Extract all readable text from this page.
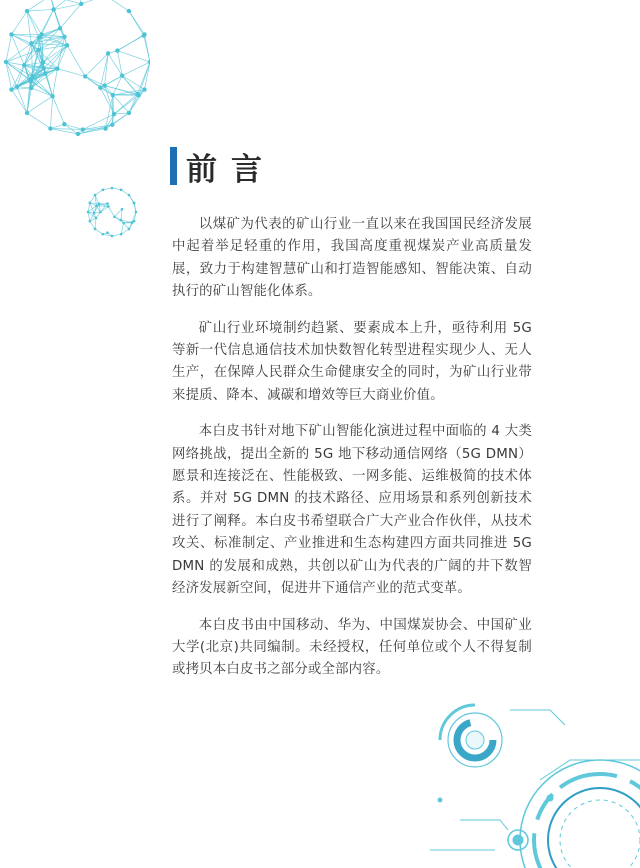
前言

以煤矿为代表的矿山行业一直以来在我国国民经济发展中起着举足轻重的作用，我国高度重视煤炭产业高质量发展，致力于构建智慧矿山和打造智能感知、智能决策、自动执行的矿山智能化体系。

矿山行业环境制约趋紧、要素成本上升，亟待利用 5G 等新一代信息通信技术加快数智化转型进程实现少人、无人生产，在保障人民群众生命健康安全的同时，为矿山行业带来提质、降本、减碳和增效等巨大商业价值。

本白皮书针对地下矿山智能化演进过程中面临的 4 大类网络挑战，提出全新的 5G 地下移动通信网络（5G DMN）愿景和连接泛在、性能极致、一网多能、运维极简的技术体系。并对 5G DMN 的技术路径、应用场景和系列创新技术进行了阐释。本白皮书希望联合广大产业合作伙伴，从技术攻关、标准制定、产业推进和生态构建四方面共同推进 5G DMN 的发展和成熟，共创以矿山为代表的广阔的井下数智经济发展新空间，促进井下通信产业的范式变革。

本白皮书由中国移动、华为、中国煤炭协会、中国矿业大学(北京)共同编制。未经授权，任何单位或个人不得复制或拷贝本白皮书之部分或全部内容。
